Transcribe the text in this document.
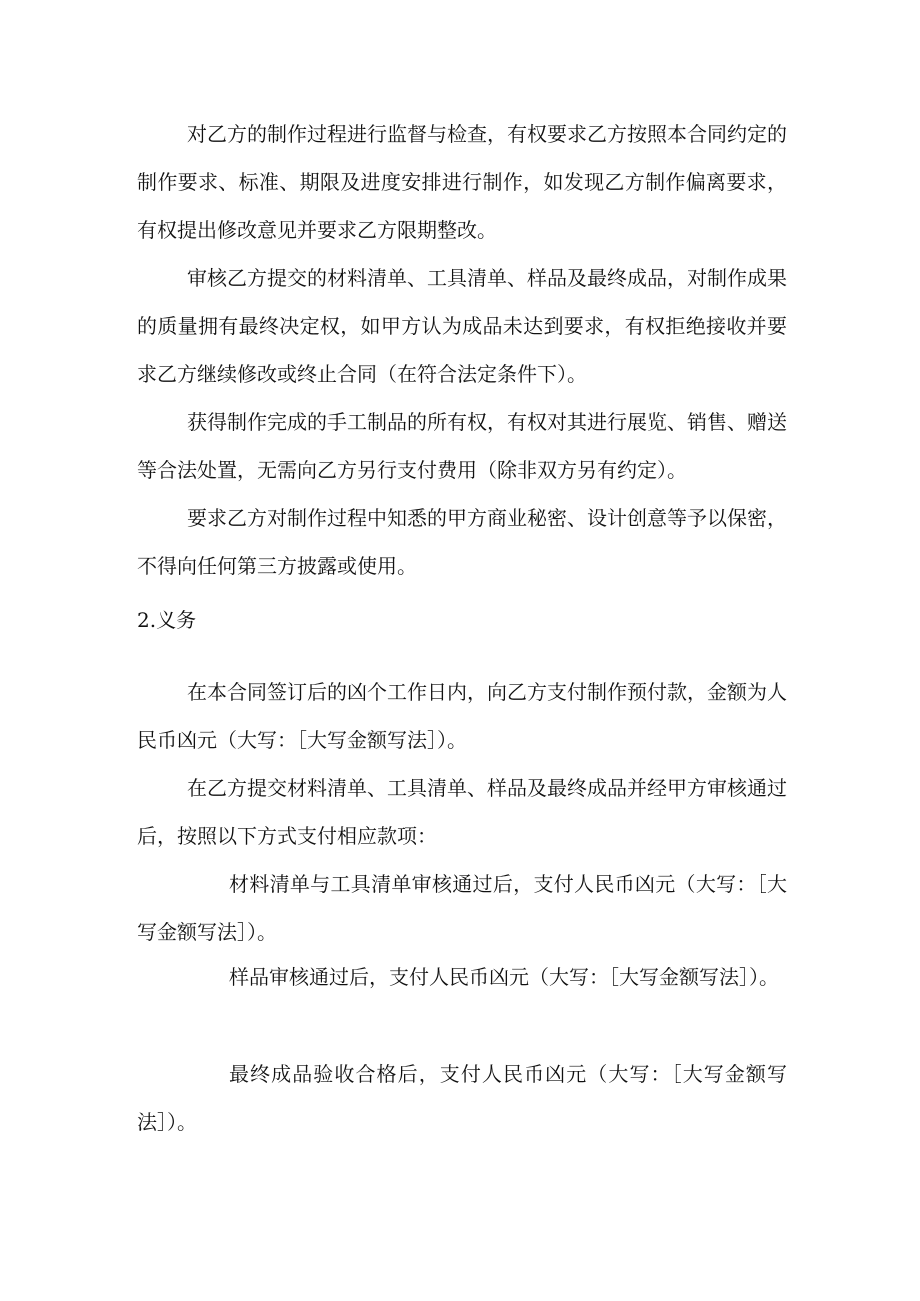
对乙方的制作过程进行监督与检查，有权要求乙方按照本合同约定的制作要求、标准、期限及进度安排进行制作，如发现乙方制作偏离要求，有权提出修改意见并要求乙方限期整改。

审核乙方提交的材料清单、工具清单、样品及最终成品，对制作成果的质量拥有最终决定权，如甲方认为成品未达到要求，有权拒绝接收并要求乙方继续修改或终止合同（在符合法定条件下）。

获得制作完成的手工制品的所有权，有权对其进行展览、销售、赠送等合法处置，无需向乙方另行支付费用（除非双方另有约定）。

要求乙方对制作过程中知悉的甲方商业秘密、设计创意等予以保密，不得向任何第三方披露或使用。

2.义务

在本合同签订后的凶个工作日内，向乙方支付制作预付款，金额为人民币凶元（大写：［大写金额写法］）。

在乙方提交材料清单、工具清单、样品及最终成品并经甲方审核通过后，按照以下方式支付相应款项：

材料清单与工具清单审核通过后，支付人民币凶元（大写：［大写金额写法］）。

样品审核通过后，支付人民币凶元（大写：［大写金额写法］）。

最终成品验收合格后，支付人民币凶元（大写：［大写金额写法］）。
